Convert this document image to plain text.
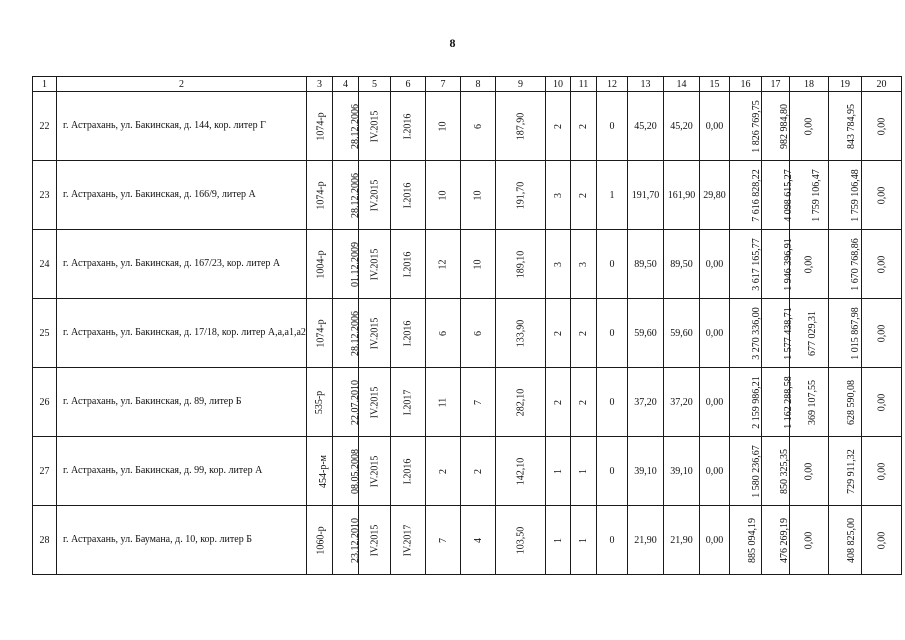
8
1	2	3	4	5	6	7	8	9	10	11	12	13	14	15	16	17	18	19	20
22	г. Астрахань, ул. Бакинская, д. 144, кор. литер Г	1074-р	28.12.2006	IV.2015	I.2016	10	6	187,90	2	2	0	45,20	45,20	0,00	1 826 769,75	982 984,80	0,00	843 784,95	0,00
23	г. Астрахань, ул. Бакинская, д. 166/9, литер А	1074-р	28.12.2006	IV.2015	I.2016	10	10	191,70	3	2	1	191,70	161,90	29,80	7 616 828,22	4 098 615,27	1 759 106,47	1 759 106,48	0,00
24	г. Астрахань, ул. Бакинская, д. 167/23, кор. литер А	1004-р	01.12.2009	IV.2015	I.2016	12	10	189,10	3	3	0	89,50	89,50	0,00	3 617 165,77	1 946 396,91	0,00	1 670 768,86	0,00
25	г. Астрахань, ул. Бакинская, д. 17/18, кор. литер А,а,а1,а2	1074-р	28.12.2006	IV.2015	I.2016	6	6	133,90	2	2	0	59,60	59,60	0,00	3 270 336,00	1 577 438,71	677 029,31	1 015 867,98	0,00
26	г. Астрахань, ул. Бакинская, д. 89, литер Б	535-р	22.07.2010	IV.2015	I.2017	11	7	282,10	2	2	0	37,20	37,20	0,00	2 159 986,21	1 162 288,58	369 107,55	628 590,08	0,00
27	г. Астрахань, ул. Бакинская, д. 99, кор. литер А	454-р-м	08.05.2008	IV.2015	I.2016	2	2	142,10	1	1	0	39,10	39,10	0,00	1 580 236,67	850 325,35	0,00	729 911,32	0,00
28	г. Астрахань, ул. Баумана, д. 10, кор. литер Б	1060-р	23.12.2010	IV.2015	IV.2017	7	4	103,50	1	1	0	21,90	21,90	0,00	885 094,19	476 269,19	0,00	408 825,00	0,00
